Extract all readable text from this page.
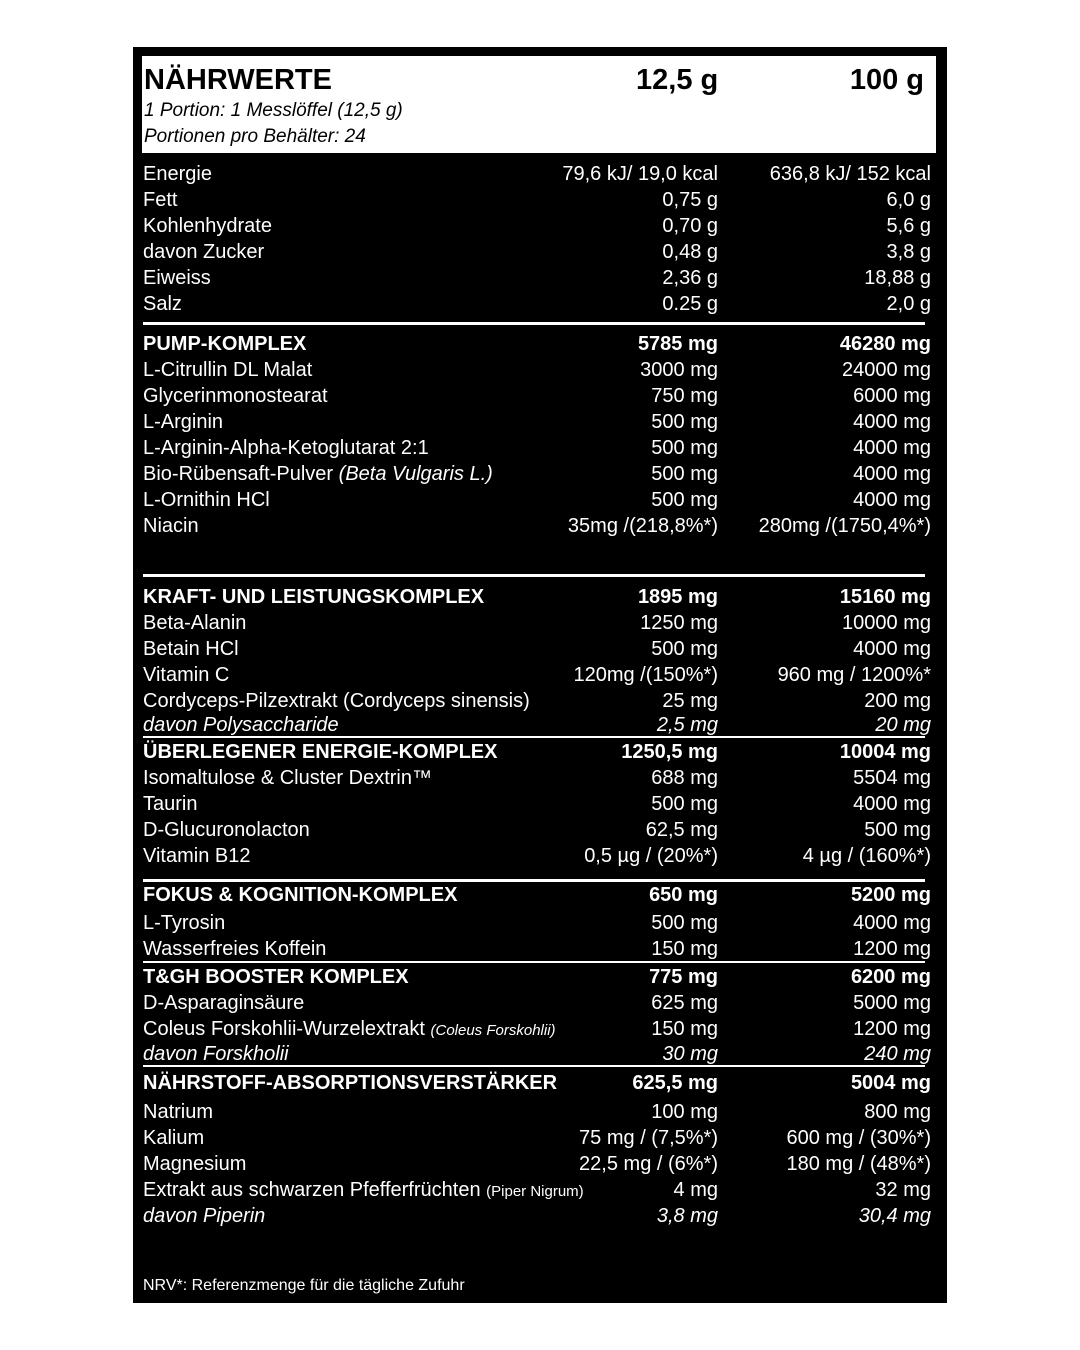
NÄHRWERTE	12,5 g	100 g
1 Portion: 1 Messlöffel (12,5 g)
Portionen pro Behälter: 24
Energie	79,6 kJ/ 19,0 kcal	636,8 kJ/ 152 kcal
Fett	0,75 g	6,0 g
Kohlenhydrate	0,70 g	5,6 g
davon Zucker	0,48 g	3,8 g
Eiweiss	2,36 g	18,88 g
Salz	0.25 g	2,0 g
PUMP-KOMPLEX	5785 mg	46280 mg
L-Citrullin DL Malat	3000 mg	24000 mg
Glycerinmonostearat	750 mg	6000 mg
L-Arginin	500 mg	4000 mg
L-Arginin-Alpha-Ketoglutarat 2:1	500 mg	4000 mg
Bio-Rübensaft-Pulver (Beta Vulgaris L.)	500 mg	4000 mg
L-Ornithin HCl	500 mg	4000 mg
Niacin	35mg /(218,8%*) 280mg /(1750,4%*)
KRAFT- UND LEISTUNGSKOMPLEX	1895 mg	15160 mg
Beta-Alanin	1250 mg	10000 mg
Betain HCl	500 mg	4000 mg
Vitamin C	120mg /(150%*)	960 mg / 1200%*
Cordyceps-Pilzextrakt (Cordyceps sinensis)	25 mg	200 mg
davon Polysaccharide	2,5 mg	20 mg
ÜBERLEGENER ENERGIE-KOMPLEX	1250,5 mg	10004 mg
Isomaltulose & Cluster Dextrin™	688 mg	5504 mg
Taurin	500 mg	4000 mg
D-Glucuronolacton	62,5 mg	500 mg
Vitamin B12	0,5 µg / (20%*)	4 µg / (160%*)
FOKUS & KOGNITION-KOMPLEX	650 mg	5200 mg
L-Tyrosin	500 mg	4000 mg
Wasserfreies Koffein	150 mg	1200 mg
T&GH BOOSTER KOMPLEX	775 mg	6200 mg
D-Asparaginsäure	625 mg	5000 mg
Coleus Forskohlii-Wurzelextrakt (Coleus Forskohlii)	150 mg	1200 mg
davon Forskholii	30 mg	240 mg
NÄHRSTOFF-ABSORPTIONSVERSTÄRKER	625,5 mg	5004 mg
Natrium	100 mg	800 mg
Kalium	75 mg / (7,5%*)	600 mg / (30%*)
Magnesium	22,5 mg / (6%*)	180 mg / (48%*)
Extrakt aus schwarzen Pfefferfrüchten (Piper Nigrum)	4 mg	32 mg
davon Piperin	3,8 mg	30,4 mg
NRV*: Referenzmenge für die tägliche Zufuhr
